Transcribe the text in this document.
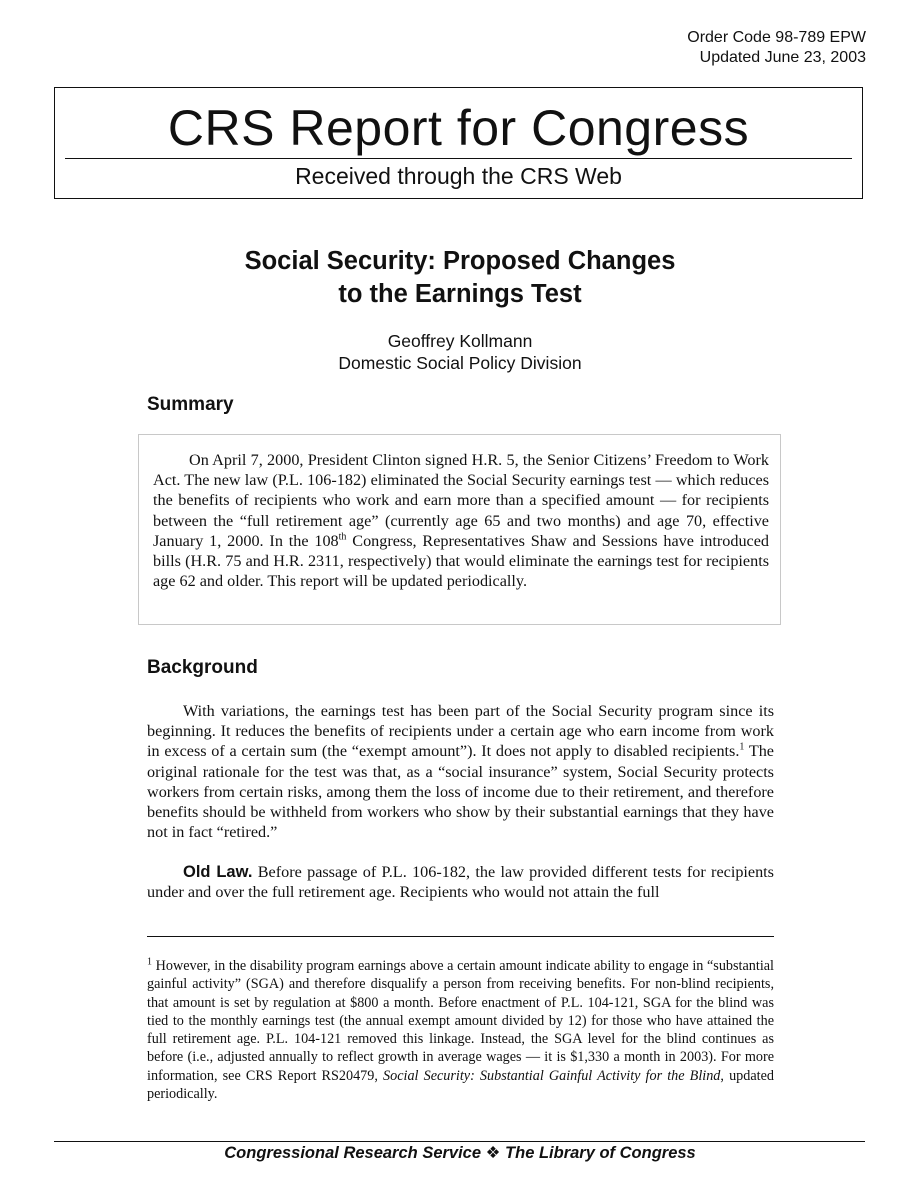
Order Code 98-789 EPW
Updated June 23, 2003
CRS Report for Congress
Received through the CRS Web
Social Security: Proposed Changes
to the Earnings Test
Geoffrey Kollmann
Domestic Social Policy Division
Summary

On April 7, 2000, President Clinton signed H.R. 5, the Senior Citizens’ Freedom to Work Act. The new law (P.L. 106-182) eliminated the Social Security earnings test — which reduces the benefits of recipients who work and earn more than a specified amount — for recipients between the “full retirement age” (currently age 65 and two months) and age 70, effective January 1, 2000. In the 108th Congress, Representatives Shaw and Sessions have introduced bills (H.R. 75 and H.R. 2311, respectively) that would eliminate the earnings test for recipients age 62 and older. This report will be updated periodically.

Background

With variations, the earnings test has been part of the Social Security program since its beginning. It reduces the benefits of recipients under a certain age who earn income from work in excess of a certain sum (the “exempt amount”). It does not apply to disabled recipients.$^1$ The original rationale for the test was that, as a “social insurance” system, Social Security protects workers from certain risks, among them the loss of income due to their retirement, and therefore benefits should be withheld from workers who show by their substantial earnings that they have not in fact “retired.”

Old Law. Before passage of P.L. 106-182, the law provided different tests for recipients under and over the full retirement age. Recipients who would not attain the full

$^1$ However, in the disability program earnings above a certain amount indicate ability to engage in “substantial gainful activity” (SGA) and therefore disqualify a person from receiving benefits. For non-blind recipients, that amount is set by regulation at $800 a month. Before enactment of P.L. 104-121, SGA for the blind was tied to the monthly earnings test (the annual exempt amount divided by 12) for those who have attained the full retirement age. P.L. 104-121 removed this linkage. Instead, the SGA level for the blind continues as before (i.e., adjusted annually to reflect growth in average wages — it is $1,330 a month in 2003). For more information, see CRS Report RS20479, Social Security: Substantial Gainful Activity for the Blind, updated periodically.

Congressional Research Service ❖ The Library of Congress
